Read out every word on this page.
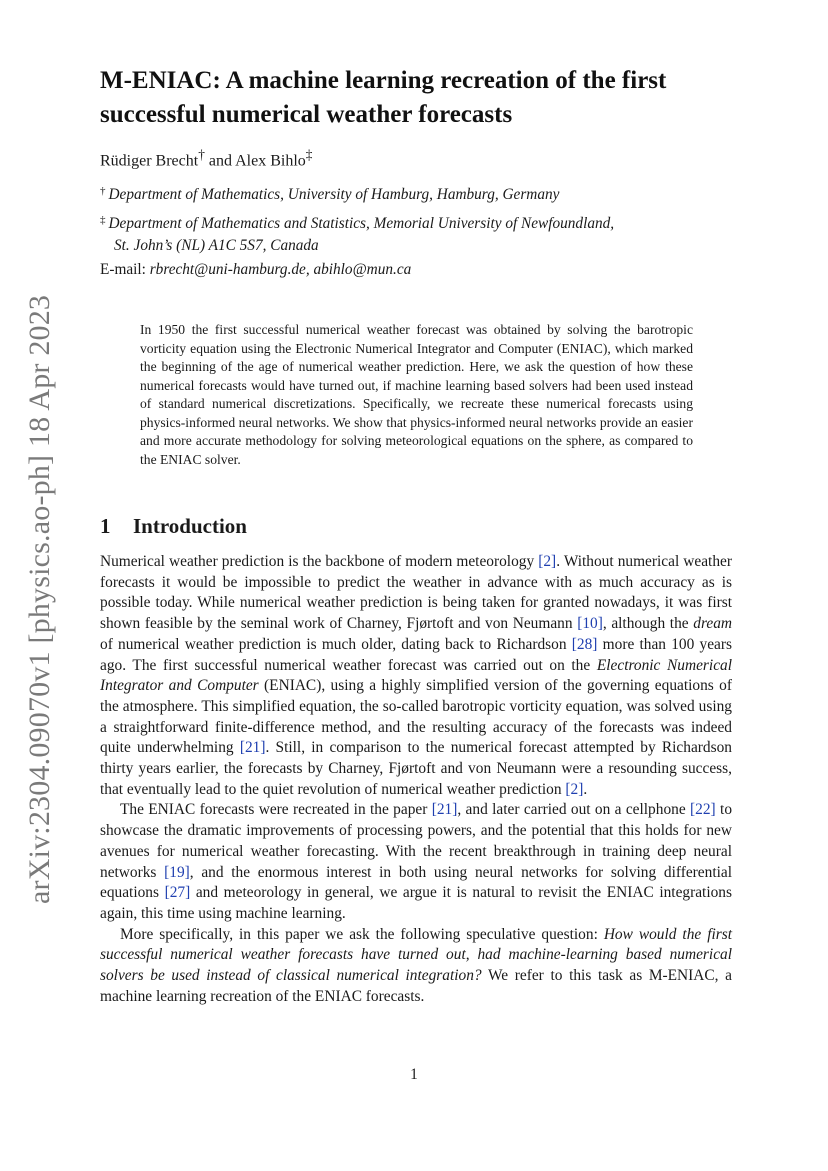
arXiv:2304.09070v1 [physics.ao-ph] 18 Apr 2023
M-ENIAC: A machine learning recreation of the first
successful numerical weather forecasts
Rüdiger Brecht† and Alex Bihlo‡
† Department of Mathematics, University of Hamburg, Hamburg, Germany
‡ Department of Mathematics and Statistics, Memorial University of Newfoundland,
St. John’s (NL) A1C 5S7, Canada
E-mail: rbrecht@uni-hamburg.de, abihlo@mun.ca

In 1950 the first successful numerical weather forecast was obtained by solving the barotropic vorticity equation using the Electronic Numerical Integrator and Computer (ENIAC), which marked the beginning of the age of numerical weather prediction. Here, we ask the question of how these numerical forecasts would have turned out, if machine learning based solvers had been used instead of standard numerical discretizations. Specifically, we recreate these numerical forecasts using physics-informed neural networks. We show that physics-informed neural networks provide an easier and more accurate methodology for solving meteorological equations on the sphere, as compared to the ENIAC solver.

1 Introduction

Numerical weather prediction is the backbone of modern meteorology [2]. Without numerical weather forecasts it would be impossible to predict the weather in advance with as much accuracy as is possible today. While numerical weather prediction is being taken for granted nowadays, it was first shown feasible by the seminal work of Charney, Fjørtoft and von Neumann [10], although the dream of numerical weather prediction is much older, dating back to Richardson [28] more than 100 years ago. The first successful numerical weather forecast was carried out on the Electronic Numerical Integrator and Computer (ENIAC), using a highly simplified version of the governing equations of the atmosphere. This simplified equation, the so-called barotropic vorticity equation, was solved using a straightforward finite-difference method, and the resulting accuracy of the forecasts was indeed quite underwhelming [21]. Still, in comparison to the numerical forecast attempted by Richardson thirty years earlier, the forecasts by Charney, Fjørtoft and von Neumann were a resounding success, that eventually lead to the quiet revolution of numerical weather prediction [2].

The ENIAC forecasts were recreated in the paper [21], and later carried out on a cellphone [22] to showcase the dramatic improvements of processing powers, and the potential that this holds for new avenues for numerical weather forecasting. With the recent breakthrough in training deep neural networks [19], and the enormous interest in both using neural networks for solving differential equations [27] and meteorology in general, we argue it is natural to revisit the ENIAC integrations again, this time using machine learning.

More specifically, in this paper we ask the following speculative question: How would the first successful numerical weather forecasts have turned out, had machine-learning based numerical solvers be used instead of classical numerical integration? We refer to this task as M-ENIAC, a machine learning recreation of the ENIAC forecasts.

1
